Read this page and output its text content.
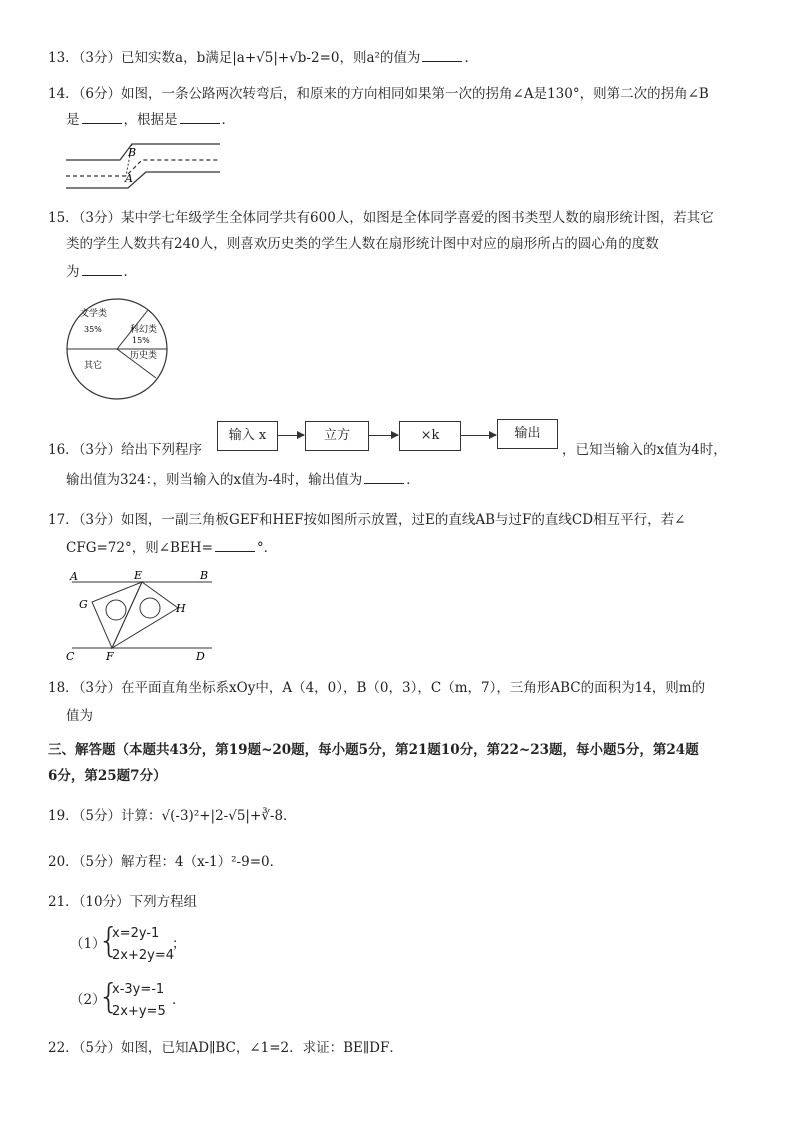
13．（3分）已知实数a，b满足|a+√5|+√b-2=0，则a²的值为	．
14．（6分）如图，一条公路两次转弯后，和原来的方向相同如果第一次的拐角∠A是130°，则第二次的拐角∠B
是	，根据是	．
B
A
15．（3分）某中学七年级学生全体同学共有600人，如图是全体同学喜爱的图书类型人数的扇形统计图，若其它
类的学生人数共有240人，则喜欢历史类的学生人数在扇形统计图中对应的扇形所占的圆心角的度数
为	．
文学类
35%	科幻类
15%
历史类
其它
16．（3分）给出下列程序
输入 x	立方	×k	输出
，已知当输入的x值为4时，
输出值为324：，则当输入的x值为-4时，输出值为	．
17．（3分）如图，一副三角板GEF和HEF按如图所示放置，过E的直线AB与过F的直线CD相互平行，若∠
CFG=72°，则∠BEH=	°．
A	E	B
G	H
C	F	D
18．（3分）在平面直角坐标系xOy中，A（4，0），B（0，3），C（m，7），三角形ABC的面积为14，则m的
值为
三、解答题（本题共43分，第19题~20题，每小题5分，第21题10分，第22~23题，每小题5分，第24题
6分，第25题7分）
19．（5分）计算：√(-3)²+|2-√5|+∛-8．
20．（5分）解方程：4（x-1）²-9=0．
21．（10分）下列方程组
（1）
{
x=2y-1
2x+2y=4
；
（2）
{
x-3y=-1
2x+y=5
．
22．（5分）如图，已知AD∥BC，∠1=2．求证：BE∥DF．
